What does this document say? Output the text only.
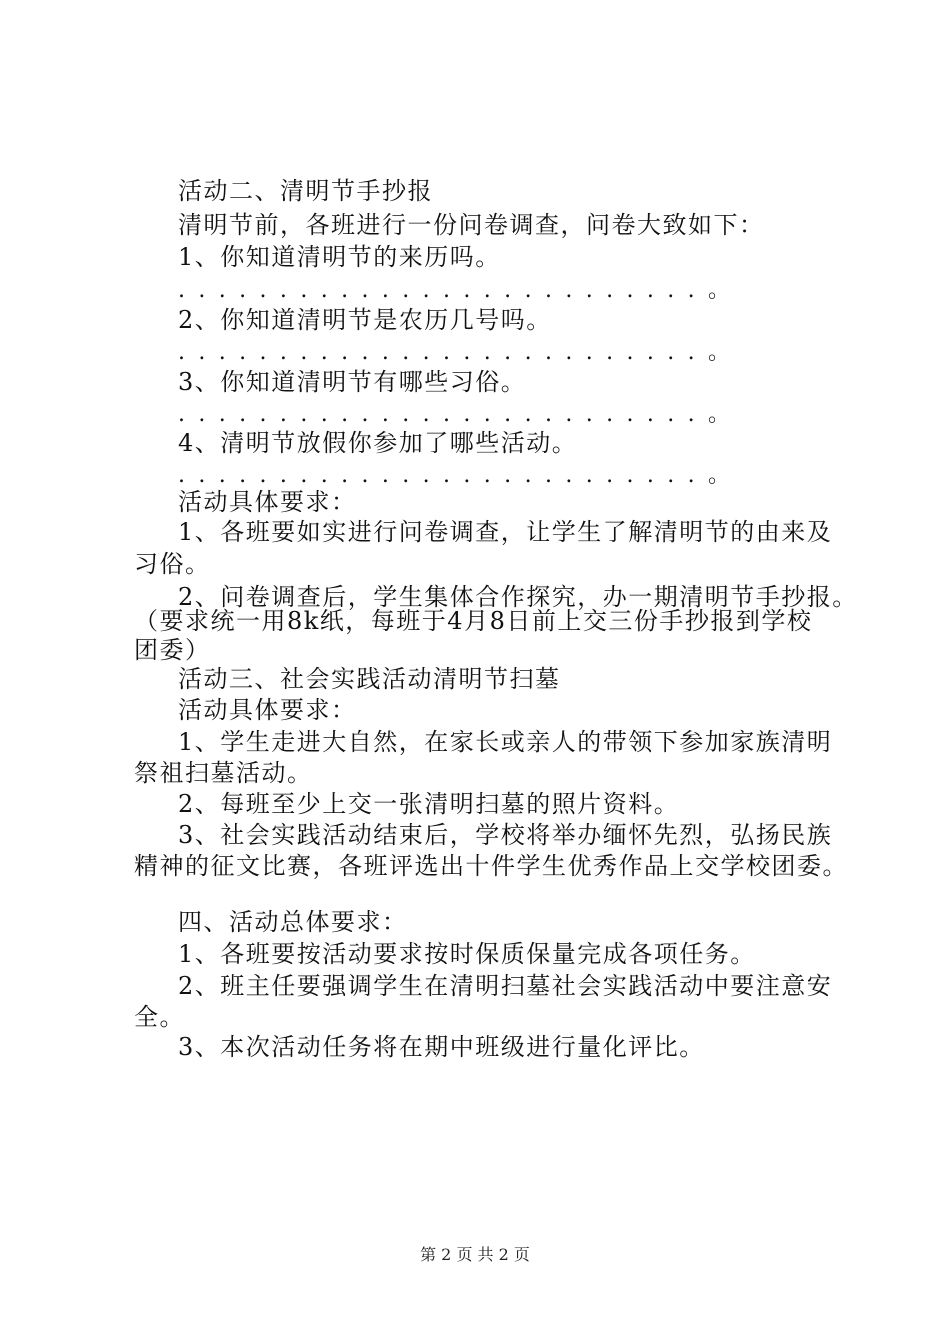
活动二、清明节手抄报
清明节前，各班进行一份问卷调查，问卷大致如下：
1、你知道清明节的来历吗。
. . . . . . . . . . . . . . . . . . . . . . . . . . 。
2、你知道清明节是农历几号吗。
. . . . . . . . . . . . . . . . . . . . . . . . . . 。
3、你知道清明节有哪些习俗。
. . . . . . . . . . . . . . . . . . . . . . . . . . 。
4、清明节放假你参加了哪些活动。
. . . . . . . . . . . . . . . . . . . . . . . . . . 。
活动具体要求：
1、各班要如实进行问卷调查，让学生了解清明节的由来及
习俗。
2、问卷调查后，学生集体合作探究，办一期清明节手抄报。
（要求统一用8k纸，每班于4月8日前上交三份手抄报到学校
团委）
活动三、社会实践活动清明节扫墓
活动具体要求：
1、学生走进大自然，在家长或亲人的带领下参加家族清明
祭祖扫墓活动。
2、每班至少上交一张清明扫墓的照片资料。
3、社会实践活动结束后，学校将举办缅怀先烈，弘扬民族
精神的征文比赛，各班评选出十件学生优秀作品上交学校团委。
四、活动总体要求：
1、各班要按活动要求按时保质保量完成各项任务。
2、班主任要强调学生在清明扫墓社会实践活动中要注意安
全。
3、本次活动任务将在期中班级进行量化评比。
第 2 页 共 2 页
